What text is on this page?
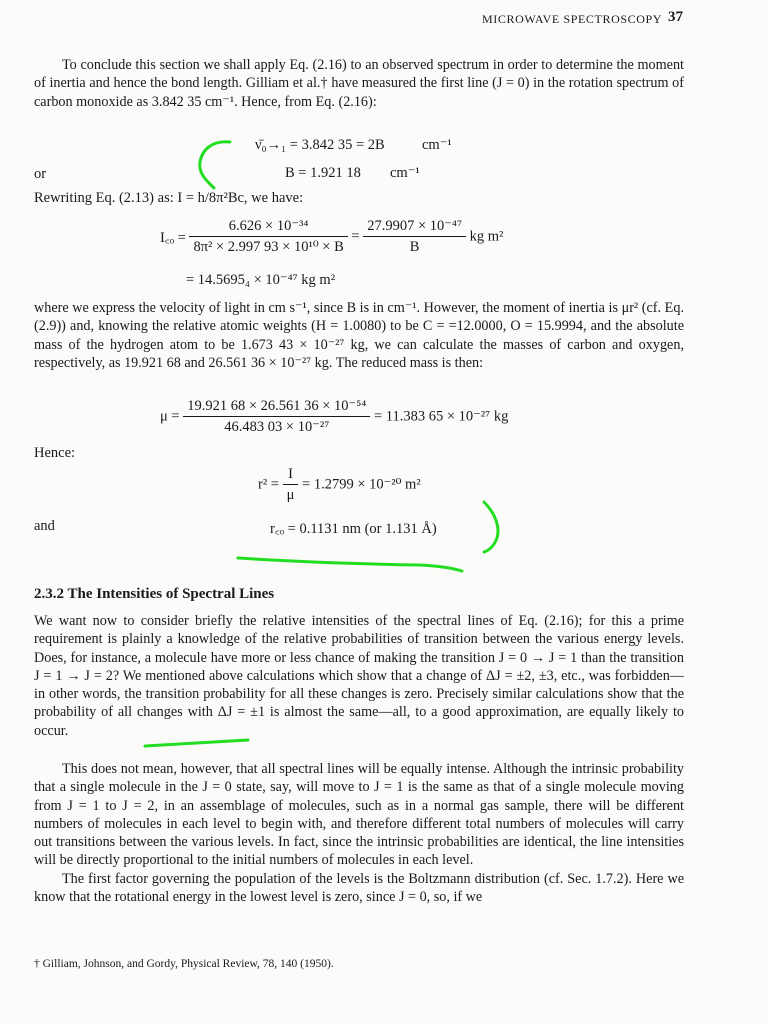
MICROWAVE SPECTROSCOPY 37

To conclude this section we shall apply Eq. (2.16) to an observed spectrum in order to determine the moment of inertia and hence the bond length. Gilliam et al.† have measured the first line (J = 0) in the rotation spectrum of carbon monoxide as 3.842 35 cm⁻¹. Hence, from Eq. (2.16):

ν̄₀→₁ = 3.842 35 = 2B	cm⁻¹
or	B = 1.921 18 cm⁻¹
Rewriting Eq. (2.13) as: I = h/8π²Bc, we have:
I꜀ₒ = $\frac{\text{6.626 × 10⁻³⁴}}{\text{8π² × 2.997 93 × 10¹⁰ × B}} = \frac{\text{27.9907 × 10⁻⁴⁷}}{B}$ kg m²
= 14.5695₄ × 10⁻⁴⁷ kg m²

where we express the velocity of light in cm s⁻¹, since B is in cm⁻¹. However, the moment of inertia is μr² (cf. Eq. (2.9)) and, knowing the relative atomic weights (H = 1.0080) to be C = =12.0000, O = 15.9994, and the absolute mass of the hydrogen atom to be 1.673 43 × 10⁻²⁷ kg, we can calculate the masses of carbon and oxygen, respectively, as 19.921 68 and 26.561 36 × 10⁻²⁷ kg. The reduced mass is then:

$\mu = \frac{\text{19.921 68 × 26.561 36 × 10⁻⁵⁴}}{\text{46.483 03 × 10⁻²⁷}} = 11.383$ 65 × 10⁻²⁷ kg
Hence:
$r^2 = \frac{I}{\mu} = 1.2799 \times 10^{-20}$ m²
and	r꜀ₒ = 0.1131 nm (or 1.131 Å)
2.3.2 The Intensities of Spectral Lines

We want now to consider briefly the relative intensities of the spectral lines of Eq. (2.16); for this a prime requirement is plainly a knowledge of the relative probabilities of transition between the various energy levels. Does, for instance, a molecule have more or less chance of making the transition J = 0 → J = 1 than the transition J = 1 → J = 2? We mentioned above calculations which show that a change of ΔJ = ±2, ±3, etc., was forbidden—in other words, the transition probability for all these changes is zero. Precisely similar calculations show that the probability of all changes with ΔJ = ±1 is almost the same—all, to a good approximation, are equally likely to occur.

This does not mean, however, that all spectral lines will be equally intense. Although the intrinsic probability that a single molecule in the J = 0 state, say, will move to J = 1 is the same as that of a single molecule moving from J = 1 to J = 2, in an assemblage of molecules, such as in a normal gas sample, there will be different numbers of molecules in each level to begin with, and therefore different total numbers of molecules will carry out transitions between the various levels. In fact, since the intrinsic probabilities are identical, the line intensities will be directly proportional to the initial numbers of molecules in each level.

The first factor governing the population of the levels is the Boltzmann distribution (cf. Sec. 1.7.2). Here we know that the rotational energy in the lowest level is zero, since J = 0, so, if we

† Gilliam, Johnson, and Gordy, Physical Review, 78, 140 (1950).
